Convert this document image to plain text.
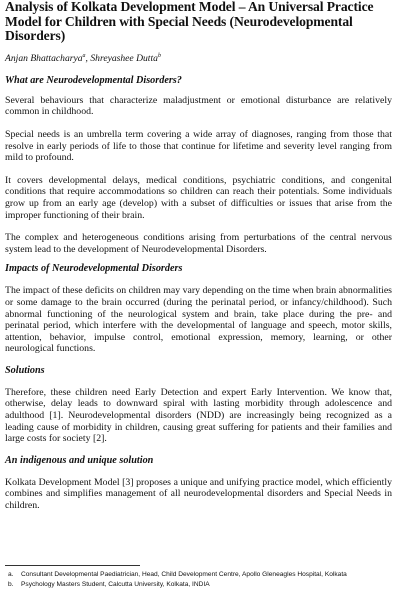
Analysis of Kolkata Development Model – An Universal Practice Model for Children with Special Needs (Neurodevelopmental Disorders)
Anjan Bhattacharya$^a$, Shreyashee Dutta$^b$
What are Neurodevelopmental Disorders?

Several behaviours that characterize maladjustment or emotional disturbance are relatively common in childhood.

Special needs is an umbrella term covering a wide array of diagnoses, ranging from those that resolve in early periods of life to those that continue for lifetime and severity level ranging from mild to profound.

It covers developmental delays, medical conditions, psychiatric conditions, and congenital conditions that require accommodations so children can reach their potentials. Some individuals grow up from an early age (develop) with a subset of difficulties or issues that arise from the improper functioning of their brain.

The complex and heterogeneous conditions arising from perturbations of the central nervous system lead to the development of Neurodevelopmental Disorders.

Impacts of Neurodevelopmental Disorders

The impact of these deficits on children may vary depending on the time when brain abnormalities or some damage to the brain occurred (during the perinatal period, or infancy/childhood). Such abnormal functioning of the neurological system and brain, take place during the pre- and perinatal period, which interfere with the developmental of language and speech, motor skills, attention, behavior, impulse control, emotional expression, memory, learning, or other neurological functions.

Solutions

Therefore, these children need Early Detection and expert Early Intervention. We know that, otherwise, delay leads to downward spiral with lasting morbidity through adolescence and adulthood [1]. Neurodevelopmental disorders (NDD) are increasingly being recognized as a leading cause of morbidity in children, causing great suffering for patients and their families and large costs for society [2].

An indigenous and unique solution

Kolkata Development Model [3] proposes a unique and unifying practice model, which efficiently combines and simplifies management of all neurodevelopmental disorders and Special Needs in children.

a.	Consultant Developmental Paediatrician, Head, Child Development Centre, Apollo Gleneagles Hospital, Kolkata
b.	Psychology Masters Student, Calcutta University, Kolkata, INDIA
